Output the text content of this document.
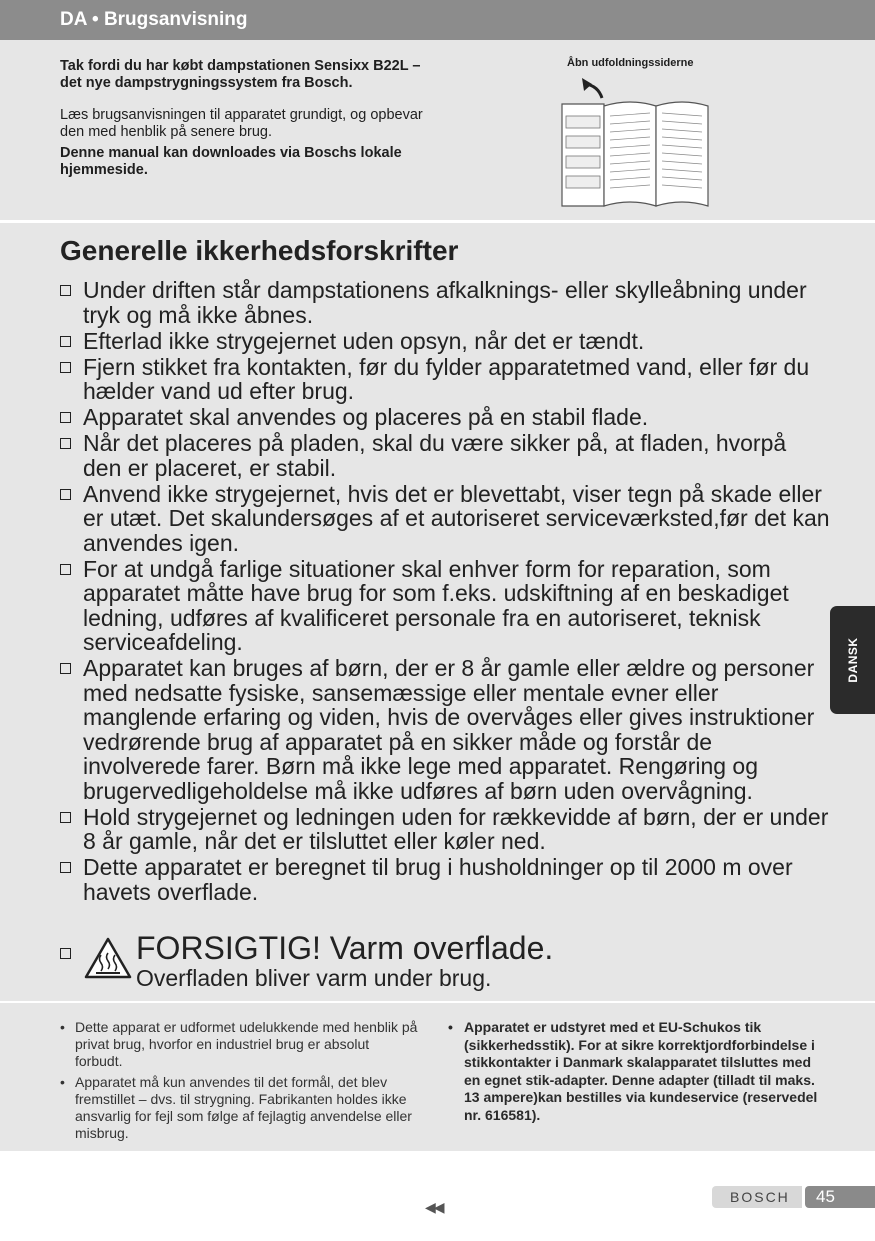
DA • Brugsanvisning

Tak fordi du har købt dampstationen Sensixx B22L – det nye dampstrygningssystem fra Bosch.

Læs brugsanvisningen til apparatet grundigt, og opbevar den med henblik på senere brug.

Denne manual kan downloades via Boschs lokale hjemmeside.

Åbn udfoldningssiderne
Generelle ikkerhedsforskrifter
Under driften står dampstationens afkalknings- eller skylleåbning under tryk og må ikke åbnes.
Efterlad ikke strygejernet uden opsyn, når det er tændt.
Fjern stikket fra kontakten, før du fylder apparatetmed vand, eller før du hælder vand ud efter brug.
Apparatet skal anvendes og placeres på en stabil flade.
Når det placeres på pladen, skal du være sikker på, at fladen, hvorpå den er placeret, er stabil.
Anvend ikke strygejernet, hvis det er blevettabt, viser tegn på skade eller er utæt. Det skalundersøges af et autoriseret serviceværksted,før det kan anvendes igen.
For at undgå farlige situationer skal enhver form for reparation, som apparatet måtte have brug for som f.eks. udskiftning af en beskadiget ledning, udføres af kvalificeret personale fra en autoriseret, teknisk serviceafdeling.
Apparatet kan bruges af børn, der er 8 år gamle eller ældre og personer med nedsatte fysiske, sansemæssige eller mentale evner eller manglende erfaring og viden, hvis de overvåges eller gives instruktioner vedrørende brug af apparatet på en sikker måde og forstår de involverede farer. Børn må ikke lege med apparatet. Rengøring og brugervedligeholdelse må ikke udføres af børn uden overvågning.
Hold strygejernet og ledningen uden for rækkevidde af børn, der er under 8 år gamle, når det er tilsluttet eller køler ned.
Dette apparatet er beregnet til brug i husholdninger op til 2000 m over havets overflade.
FORSIGTIG! Varm overflade.
Overfladen bliver varm under brug.
• Dette apparat er udformet udelukkende med henblik på privat brug, hvorfor en industriel brug er absolut forbudt.
• Apparatet må kun anvendes til det formål, det blev fremstillet – dvs. til strygning. Fabrikanten holdes ikke ansvarlig for fejl som følge af fejlagtig anvendelse eller misbrug.
• Apparatet er udstyret med et EU-Schukos tik (sikkerhedsstik). For at sikre korrektjordforbindelse i stikkontakter i Danmark skalapparatet tilsluttes med en egnet stik-adapter. Denne adapter (tilladt til maks. 13 ampere)kan bestilles via kundeservice (reservedel nr. 616581).
DANSK
◀◀
BOSCH 45
